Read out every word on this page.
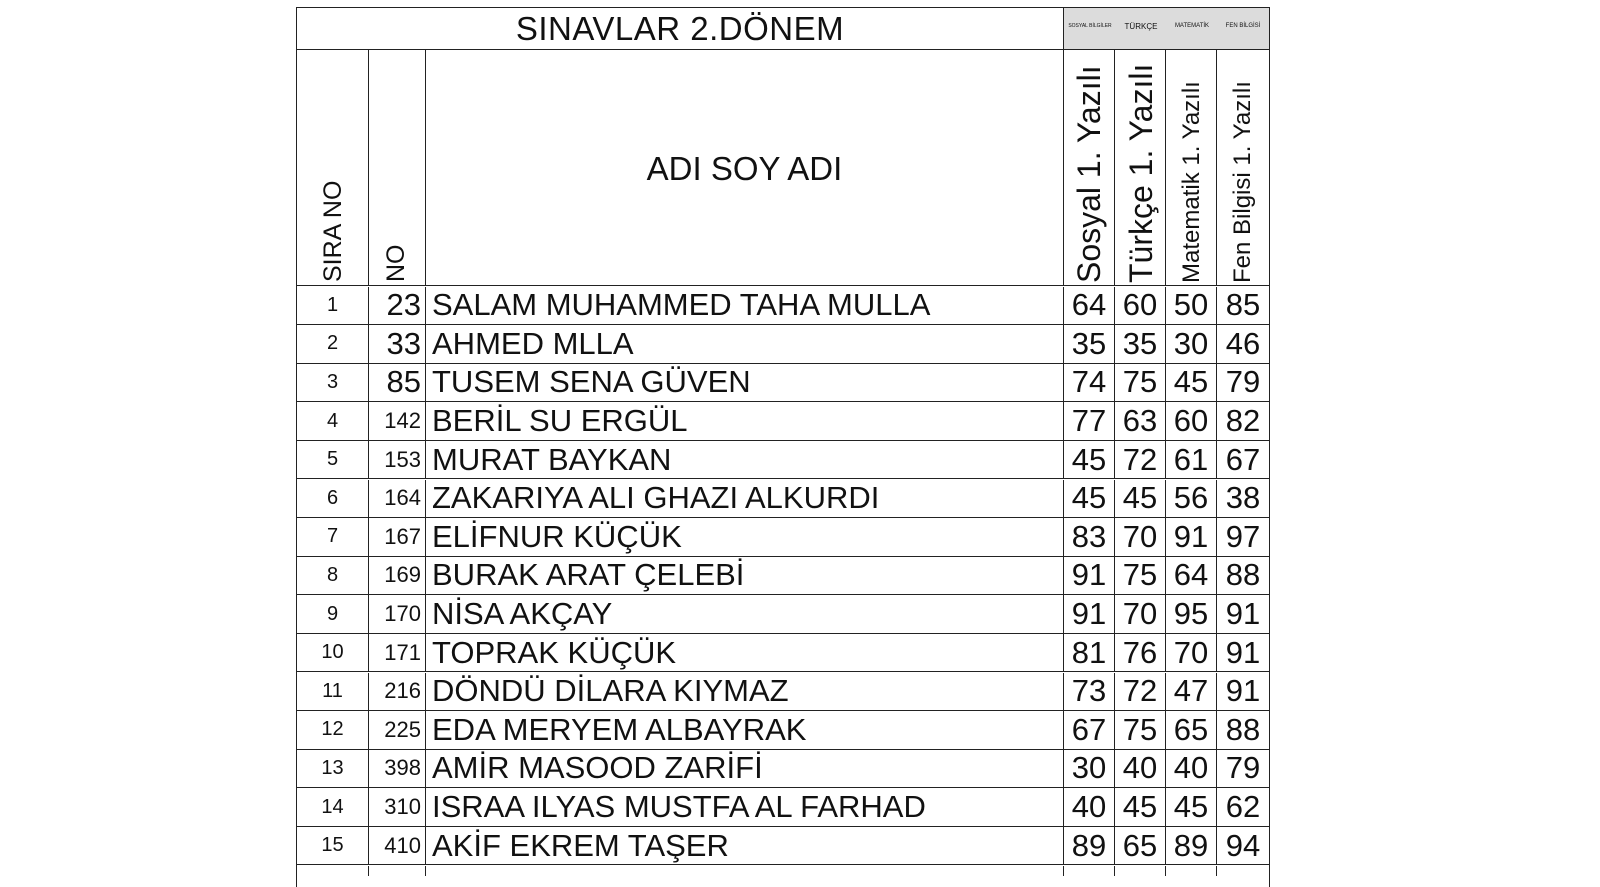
SINAVLAR 2.DÖNEM	SOSYAL BİLGİLER	TÜRKÇE	MATEMATİK	FEN BİLGİSİ
SIRA NO NO
ADI SOY ADI	Sosyal 1. Yazılı Türkçe 1. Yazılı Matematik 1. Yazılı Fen Bilgisi 1. Yazılı
1	23 SALAM MUHAMMED TAHA MULLA	64 60 50 85
2	33 AHMED MLLA	35 35 30 46
3	85 TUSEM SENA GÜVEN	74 75 45 79
4	142 BERİL SU ERGÜL	77 63 60 82
5	153 MURAT BAYKAN	45 72 61 67
6	164 ZAKARIYA ALI GHAZI ALKURDI	45 45 56 38
7	167 ELİFNUR KÜÇÜK	83 70 91 97
8	169 BURAK ARAT ÇELEBİ	91 75 64 88
9	170 NİSA AKÇAY	91 70 95 91
10	171 TOPRAK KÜÇÜK	81 76 70 91
11	216 DÖNDÜ DİLARA KIYMAZ	73 72 47 91
12	225 EDA MERYEM ALBAYRAK	67 75 65 88
13	398 AMİR MASOOD ZARİFİ	30 40 40 79
14	310 ISRAA ILYAS MUSTFA AL FARHAD	40 45 45 62
15	410 AKİF EKREM TAŞER	89 65 89 94
